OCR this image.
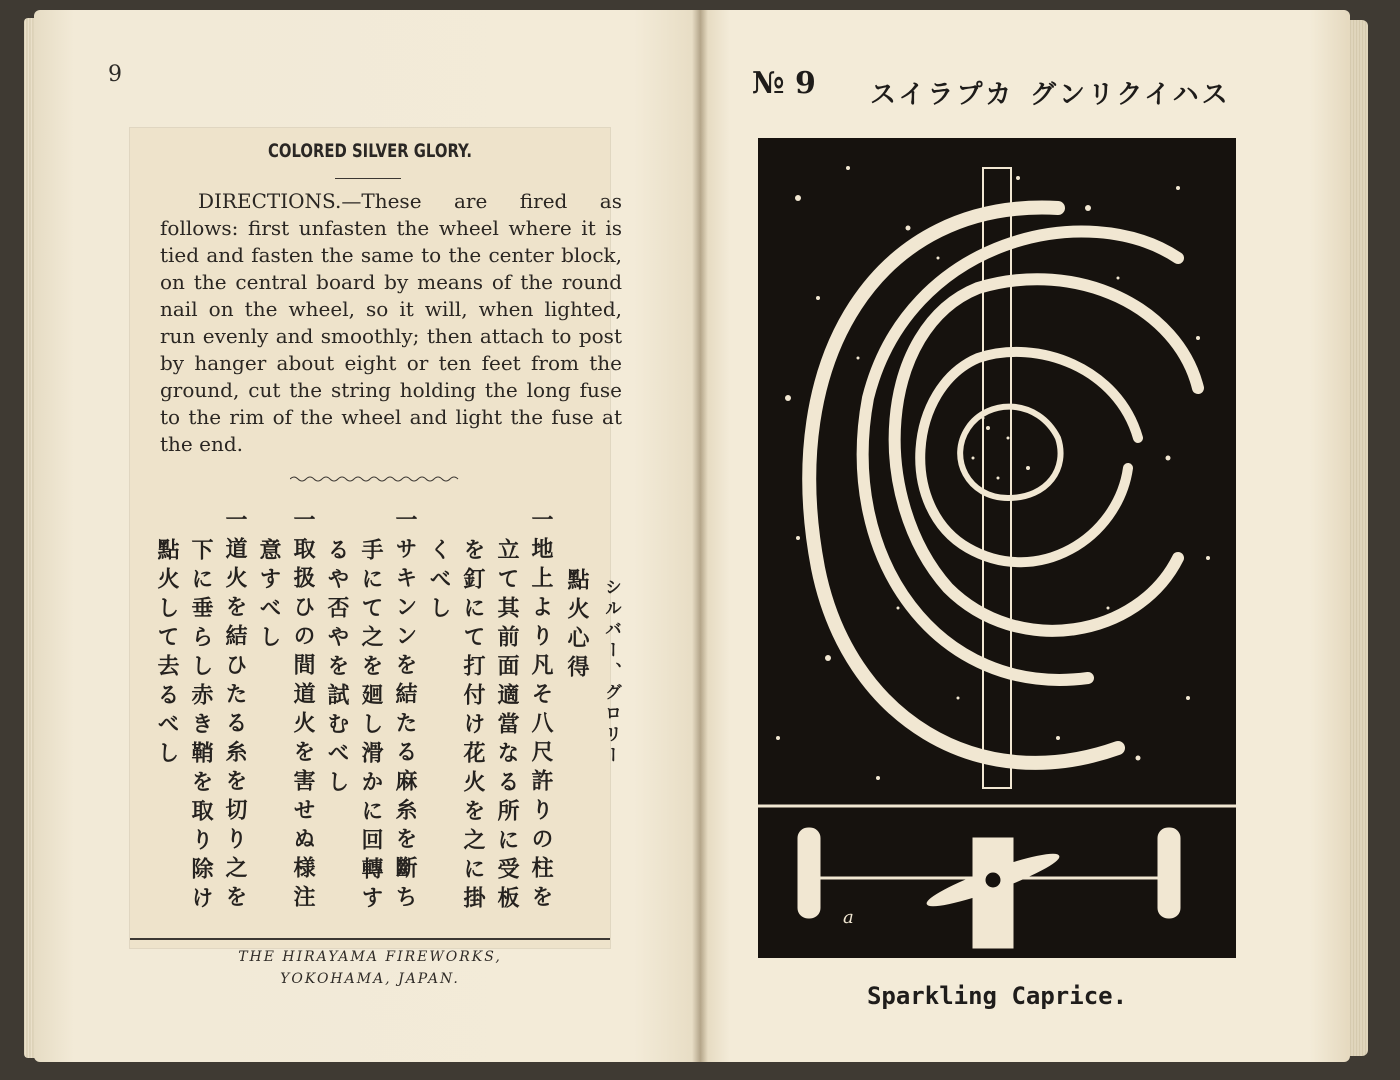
9
COLORED SILVER GLORY.
DIRECTIONS.—These are fired as follows: first unfasten the wheel where it is tied and fasten the same to the center block, on the central board by means of the round nail on the wheel, so it will, when lighted, run evenly and smoothly; then attach to post by hanger about eight or ten feet from the ground, cut the string holding the long fuse to the rim of the wheel and light the fuse at the end.
シルバー、グロリー
點火心得
一地上より凡そ八尺許りの柱を
立て其前面適當なる所に受板
を釘にて打付け花火を之に掛
くべし
一サキンンを結たる麻糸を斷ち
手にて之を廻し滑かに回轉す
るや否やを試むべし
一取扱ひの間道火を害せぬ様注
意すべし
一道火を結ひたる糸を切り之を
下に垂らし赤き鞘を取り除け
點火して去るべし
THE HIRAYAMA FIREWORKS,
YOKOHAMA, JAPAN.
№ 9 スイラプカ グンリクイハス
a
Sparkling Caprice.
